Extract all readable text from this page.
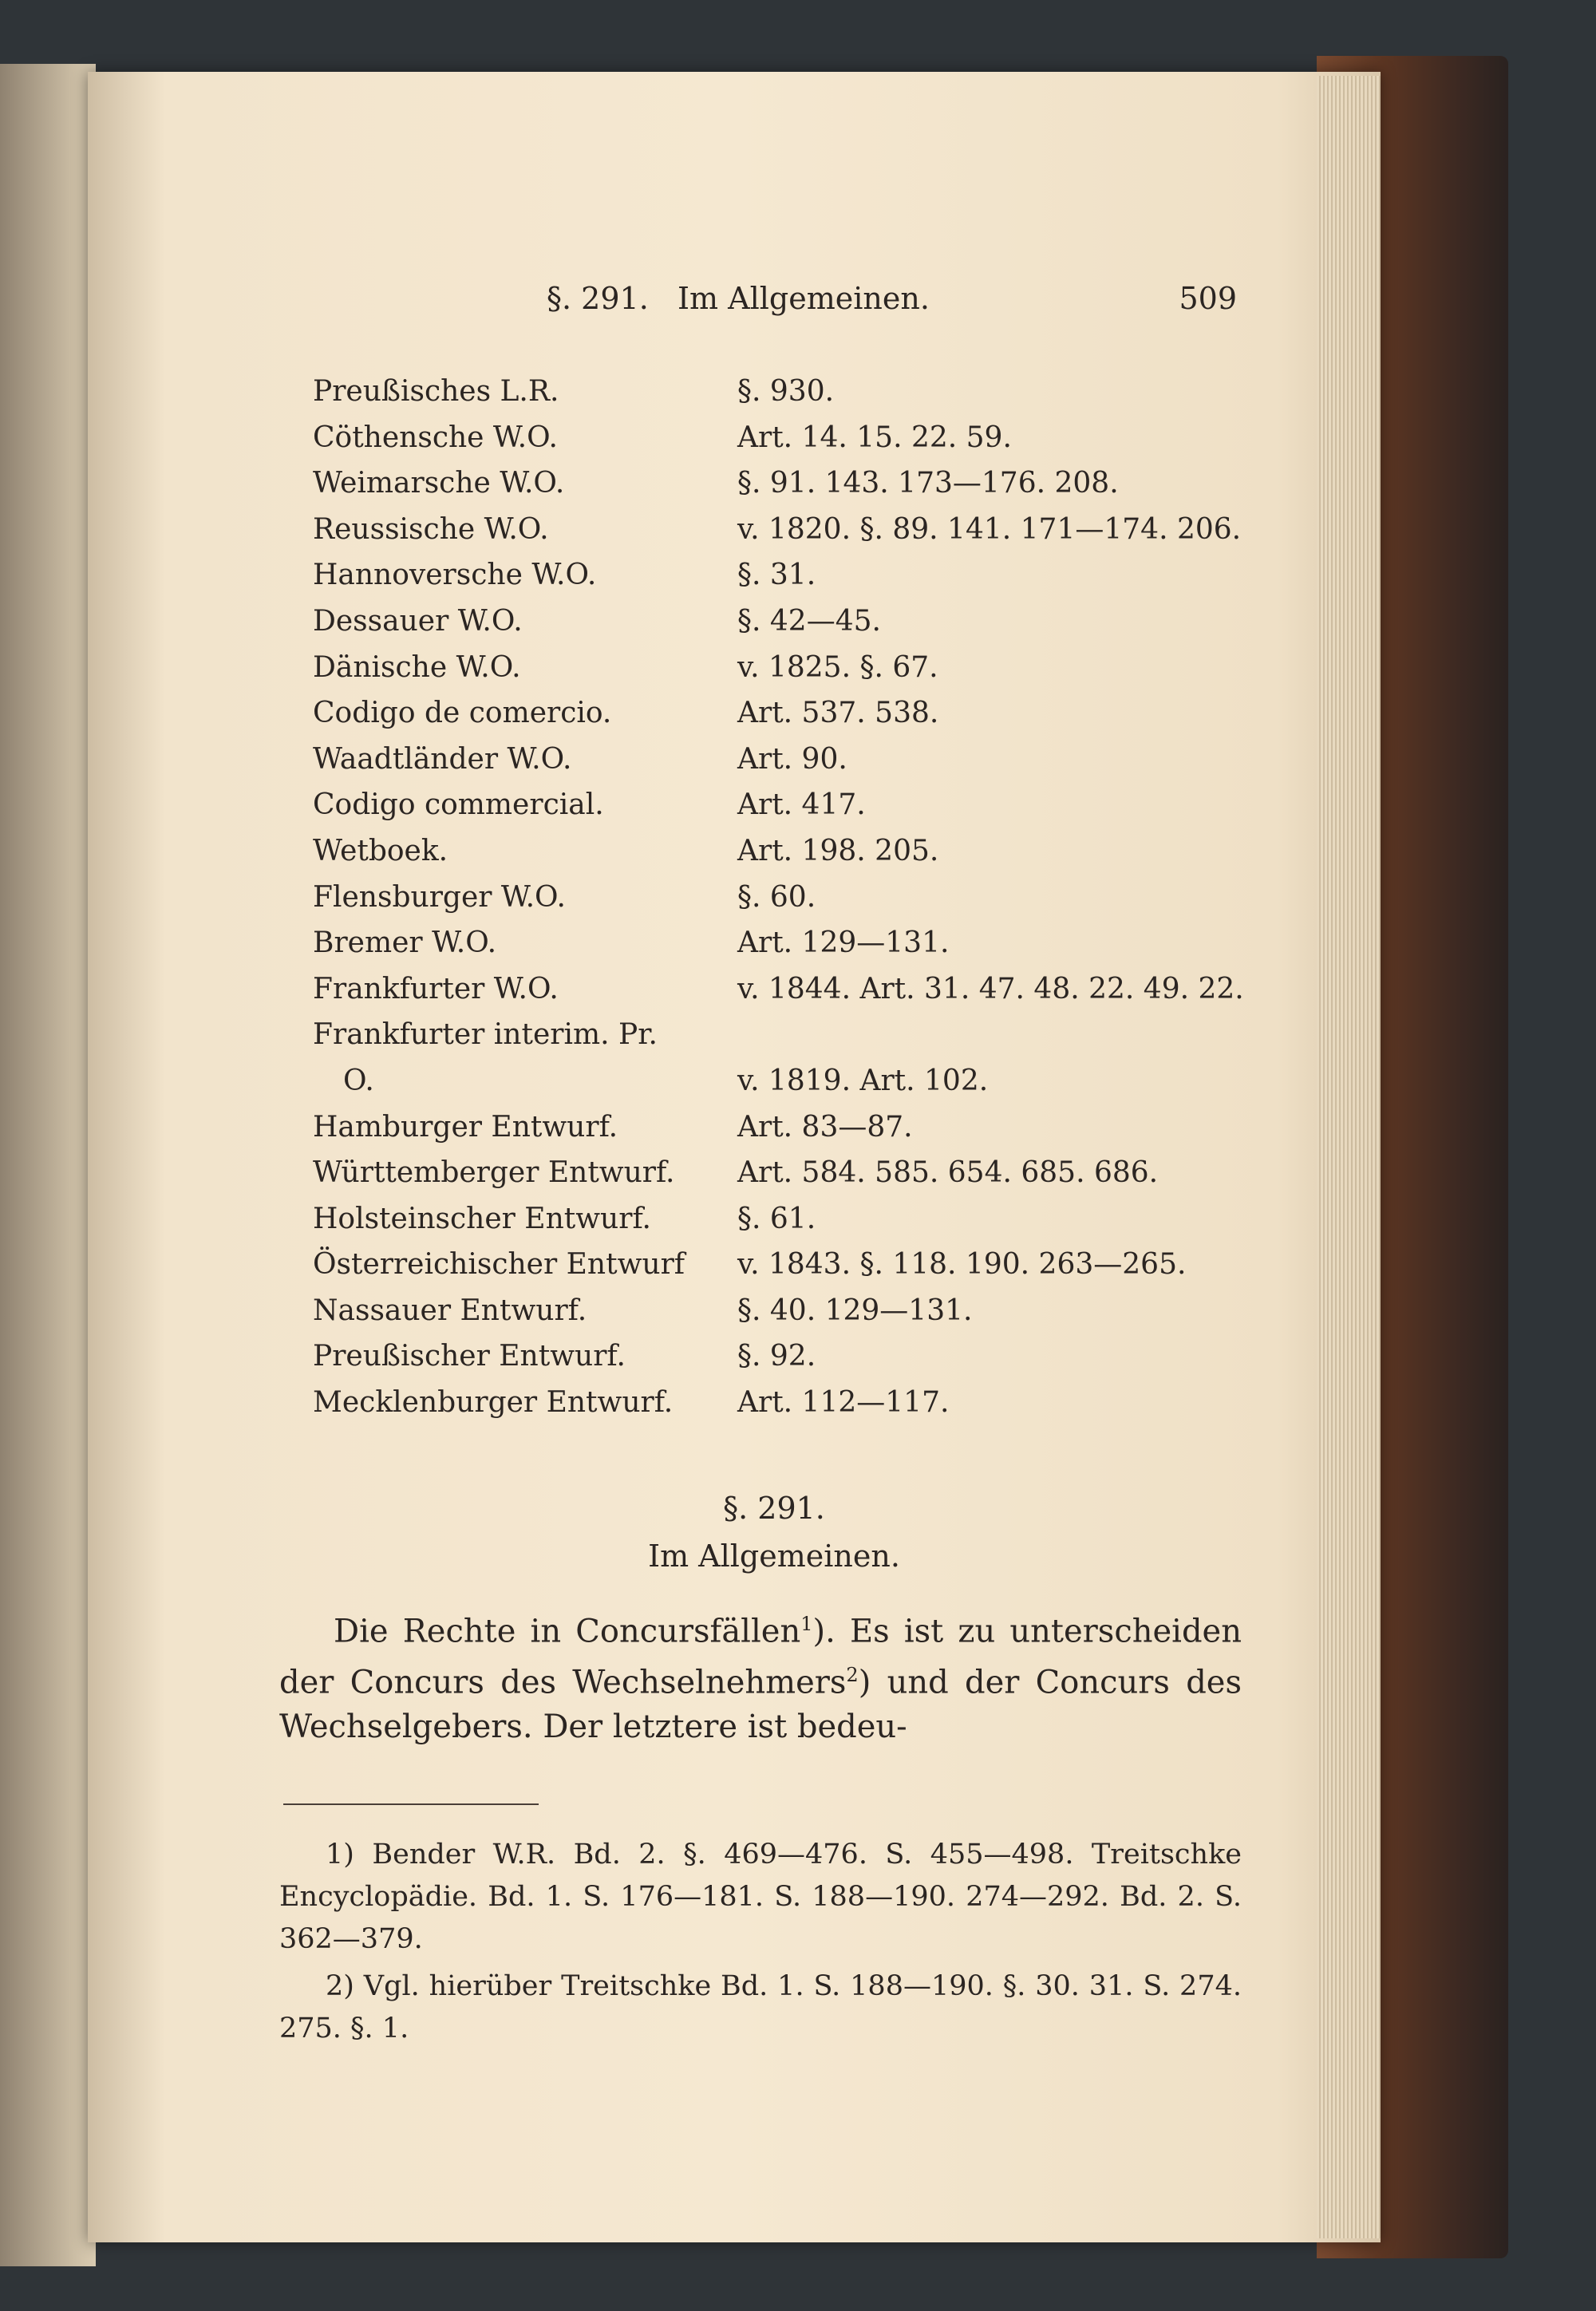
§. 291. Im Allgemeinen.	509
Preußisches L.R.	§. 930.
Cöthensche W.O.	Art. 14. 15. 22. 59.
Weimarsche W.O.	§. 91. 143. 173—176. 208.
Reussische W.O.	v. 1820. §. 89. 141. 171—174. 206.
Hannoversche W.O.	§. 31.
Dessauer W.O.	§. 42—45.
Dänische W.O.	v. 1825. §. 67.
Codigo de comercio.	Art. 537. 538.
Waadtländer W.O.	Art. 90.
Codigo commercial.	Art. 417.
Wetboek.	Art. 198. 205.
Flensburger W.O.	§. 60.
Bremer W.O.	Art. 129—131.
Frankfurter W.O.	v. 1844. Art. 31. 47. 48. 22. 49. 22.
Frankfurter interim. Pr.
O.	v. 1819. Art. 102.
Hamburger Entwurf.	Art. 83—87.
Württemberger Entwurf. Art. 584. 585. 654. 685. 686.
Holsteinscher Entwurf.	§. 61.
Österreichischer Entwurf v. 1843. §. 118. 190. 263—265.
Nassauer Entwurf.	§. 40. 129—131.
Preußischer Entwurf.	§. 92.
Mecklenburger Entwurf. Art. 112—117.
§. 291.
Im Allgemeinen.

Die Rechte in Concursfällen$^1$). Es ist zu unterscheiden der Concurs des Wechselnehmers$^2$) und der Concurs des Wechselgebers. Der letztere ist bedeu-

1) Bender W.R. Bd. 2. §. 469—476. S. 455—498. Treitschke Encyclopädie. Bd. 1. S. 176—181. S. 188—190. 274—292. Bd. 2. S. 362—379.

2) Vgl. hierüber Treitschke Bd. 1. S. 188—190. §. 30. 31. S. 274. 275. §. 1.
